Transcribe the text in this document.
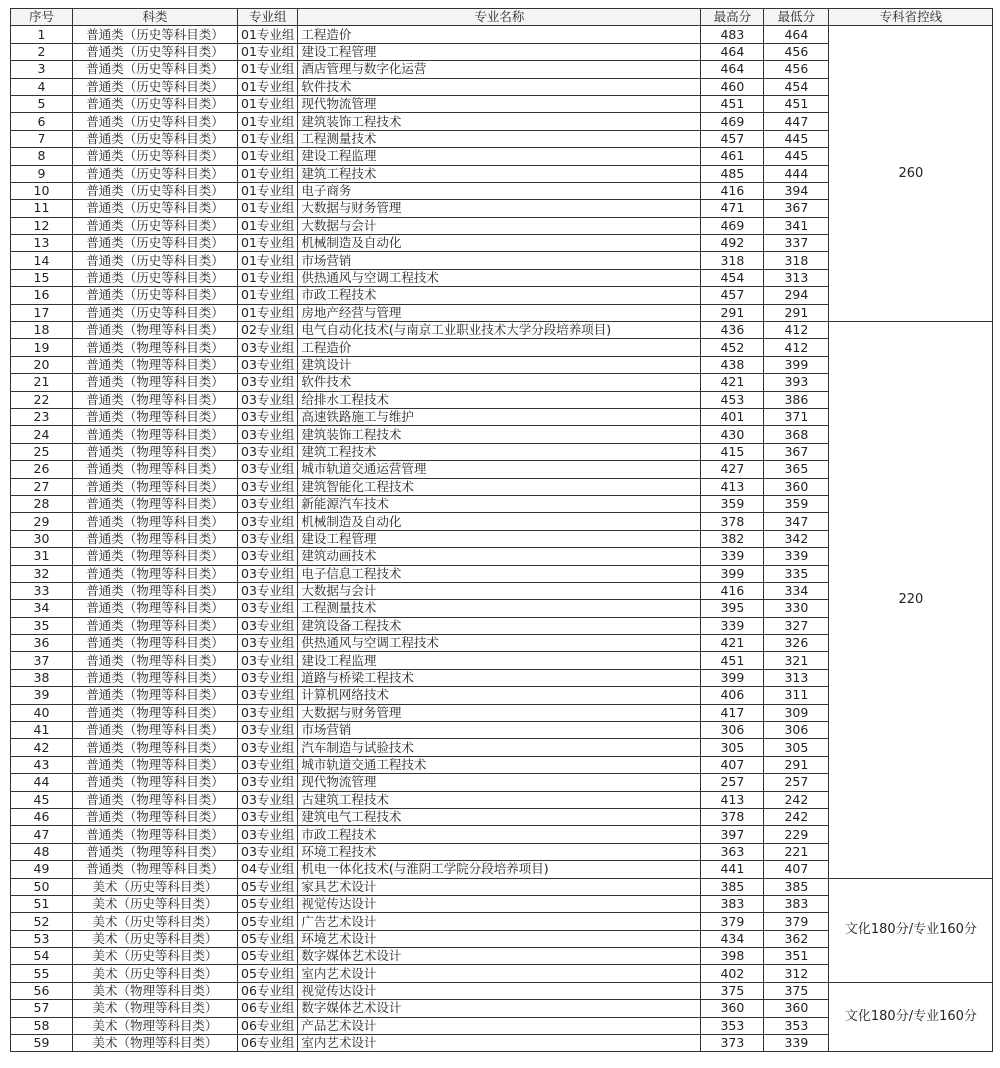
序号	科类	专业组	专业名称	最高分	最低分	专科省控线
1	普通类（历史等科目类）	01专业组	工程造价	483	464	260
2	普通类（历史等科目类）	01专业组	建设工程管理	464	456	
3	普通类（历史等科目类）	01专业组	酒店管理与数字化运营	464	456	
4	普通类（历史等科目类）	01专业组	软件技术	460	454	
5	普通类（历史等科目类）	01专业组	现代物流管理	451	451	
6	普通类（历史等科目类）	01专业组	建筑装饰工程技术	469	447	
7	普通类（历史等科目类）	01专业组	工程测量技术	457	445	
8	普通类（历史等科目类）	01专业组	建设工程监理	461	445	
9	普通类（历史等科目类）	01专业组	建筑工程技术	485	444	
10	普通类（历史等科目类）	01专业组	电子商务	416	394	
11	普通类（历史等科目类）	01专业组	大数据与财务管理	471	367	
12	普通类（历史等科目类）	01专业组	大数据与会计	469	341	
13	普通类（历史等科目类）	01专业组	机械制造及自动化	492	337	
14	普通类（历史等科目类）	01专业组	市场营销	318	318	
15	普通类（历史等科目类）	01专业组	供热通风与空调工程技术	454	313	
16	普通类（历史等科目类）	01专业组	市政工程技术	457	294	
17	普通类（历史等科目类）	01专业组	房地产经营与管理	291	291	
18	普通类（物理等科目类）	02专业组	电气自动化技术(与南京工业职业技术大学分段培养项目)	436	412	220
19	普通类（物理等科目类）	03专业组	工程造价	452	412	
20	普通类（物理等科目类）	03专业组	建筑设计	438	399	
21	普通类（物理等科目类）	03专业组	软件技术	421	393	
22	普通类（物理等科目类）	03专业组	给排水工程技术	453	386	
23	普通类（物理等科目类）	03专业组	高速铁路施工与维护	401	371	
24	普通类（物理等科目类）	03专业组	建筑装饰工程技术	430	368	
25	普通类（物理等科目类）	03专业组	建筑工程技术	415	367	
26	普通类（物理等科目类）	03专业组	城市轨道交通运营管理	427	365	
27	普通类（物理等科目类）	03专业组	建筑智能化工程技术	413	360	
28	普通类（物理等科目类）	03专业组	新能源汽车技术	359	359	
29	普通类（物理等科目类）	03专业组	机械制造及自动化	378	347	
30	普通类（物理等科目类）	03专业组	建设工程管理	382	342	
31	普通类（物理等科目类）	03专业组	建筑动画技术	339	339	
32	普通类（物理等科目类）	03专业组	电子信息工程技术	399	335	
33	普通类（物理等科目类）	03专业组	大数据与会计	416	334	
34	普通类（物理等科目类）	03专业组	工程测量技术	395	330	
35	普通类（物理等科目类）	03专业组	建筑设备工程技术	339	327	
36	普通类（物理等科目类）	03专业组	供热通风与空调工程技术	421	326	
37	普通类（物理等科目类）	03专业组	建设工程监理	451	321	
38	普通类（物理等科目类）	03专业组	道路与桥梁工程技术	399	313	
39	普通类（物理等科目类）	03专业组	计算机网络技术	406	311	
40	普通类（物理等科目类）	03专业组	大数据与财务管理	417	309	
41	普通类（物理等科目类）	03专业组	市场营销	306	306	
42	普通类（物理等科目类）	03专业组	汽车制造与试验技术	305	305	
43	普通类（物理等科目类）	03专业组	城市轨道交通工程技术	407	291	
44	普通类（物理等科目类）	03专业组	现代物流管理	257	257	
45	普通类（物理等科目类）	03专业组	古建筑工程技术	413	242	
46	普通类（物理等科目类）	03专业组	建筑电气工程技术	378	242	
47	普通类（物理等科目类）	03专业组	市政工程技术	397	229	
48	普通类（物理等科目类）	03专业组	环境工程技术	363	221	
49	普通类（物理等科目类）	04专业组	机电一体化技术(与淮阴工学院分段培养项目)	441	407	
50	美术（历史等科目类）	05专业组	家具艺术设计	385	385	文化180分/专业160分
51	美术（历史等科目类）	05专业组	视觉传达设计	383	383	
52	美术（历史等科目类）	05专业组	广告艺术设计	379	379	
53	美术（历史等科目类）	05专业组	环境艺术设计	434	362	
54	美术（历史等科目类）	05专业组	数字媒体艺术设计	398	351	
55	美术（历史等科目类）	05专业组	室内艺术设计	402	312	
56	美术（物理等科目类）	06专业组	视觉传达设计	375	375	文化180分/专业160分
57	美术（物理等科目类）	06专业组	数字媒体艺术设计	360	360	
58	美术（物理等科目类）	06专业组	产品艺术设计	353	353	
59	美术（物理等科目类）	06专业组	室内艺术设计	373	339	
